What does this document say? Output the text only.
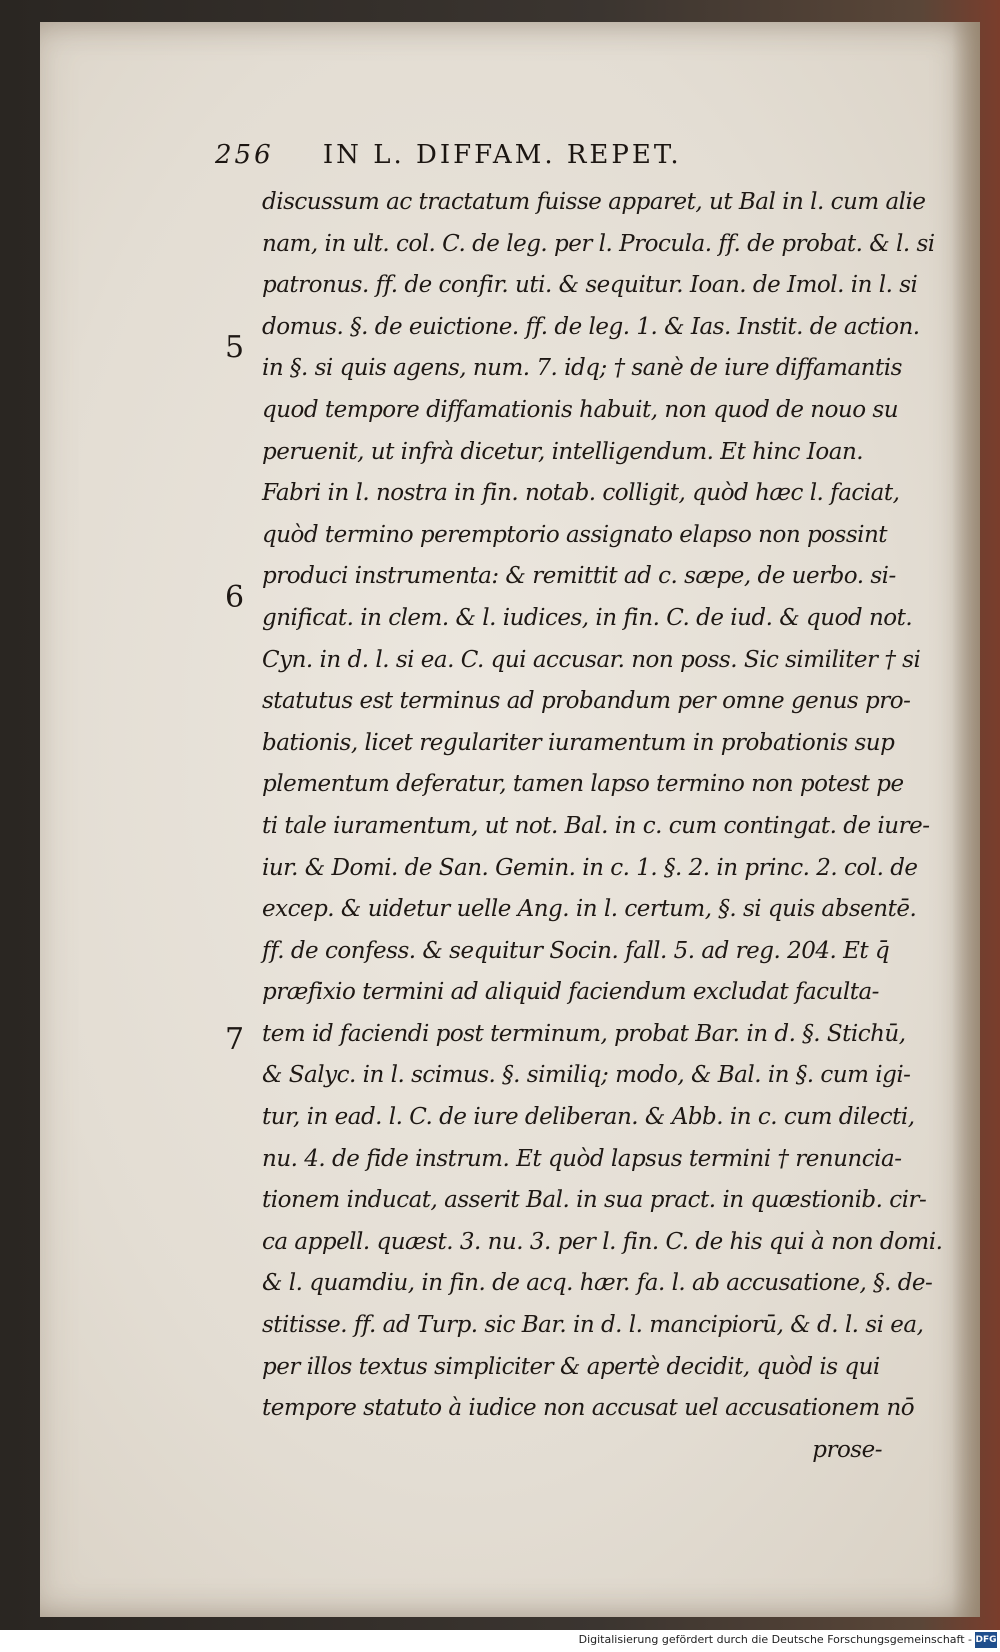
256 IN L. DIFFAM. REPET.
5
6
7
discussum ac tractatum fuisse apparet, ut Bal in l. cum alie
nam, in ult. col. C. de leg. per l. Procula. ff. de probat. & l. si
patronus. ff. de confir. uti. & sequitur. Ioan. de Imol. in l. si
domus. §. de euictione. ff. de leg. 1. & Ias. Instit. de action.
in §. si quis agens, num. 7. idq; † sanè de iure diffamantis
quod tempore diffamationis habuit, non quod de nouo su
peruenit, ut infrà dicetur, intelligendum. Et hinc Ioan.
Fabri in l. nostra in fin. notab. colligit, quòd hæc l. faciat,
quòd termino peremptorio assignato elapso non possint
produci instrumenta: & remittit ad c. sæpe, de uerbo. si-
gnificat. in clem. & l. iudices, in fin. C. de iud. & quod not.
Cyn. in d. l. si ea. C. qui accusar. non poss. Sic similiter † si
statutus est terminus ad probandum per omne genus pro-
bationis, licet regulariter iuramentum in probationis sup
plementum deferatur, tamen lapso termino non potest pe
ti tale iuramentum, ut not. Bal. in c. cum contingat. de iure-
iur. & Domi. de San. Gemin. in c. 1. §. 2. in princ. 2. col. de
excep. & uidetur uelle Ang. in l. certum, §. si quis absentē.
ff. de confess. & sequitur Socin. fall. 5. ad reg. 204. Et q̄
præfixio termini ad aliquid faciendum excludat faculta-
tem id faciendi post terminum, probat Bar. in d. §. Stichū,
& Salyc. in l. scimus. §. similiq; modo, & Bal. in §. cum igi-
tur, in ead. l. C. de iure deliberan. & Abb. in c. cum dilecti,
nu. 4. de fide instrum. Et quòd lapsus termini † renuncia-
tionem inducat, asserit Bal. in sua pract. in quæstionib. cir-
ca appell. quæst. 3. nu. 3. per l. fin. C. de his qui à non domi.
& l. quamdiu, in fin. de acq. hær. fa. l. ab accusatione, §. de-
stitisse. ff. ad Turp. sic Bar. in d. l. mancipiorū, & d. l. si ea,
per illos textus simpliciter & apertè decidit, quòd is qui
tempore statuto à iudice non accusat uel accusationem nō
prose-
Digitalisierung gefördert durch die Deutsche Forschungsgemeinschaft - DFG
